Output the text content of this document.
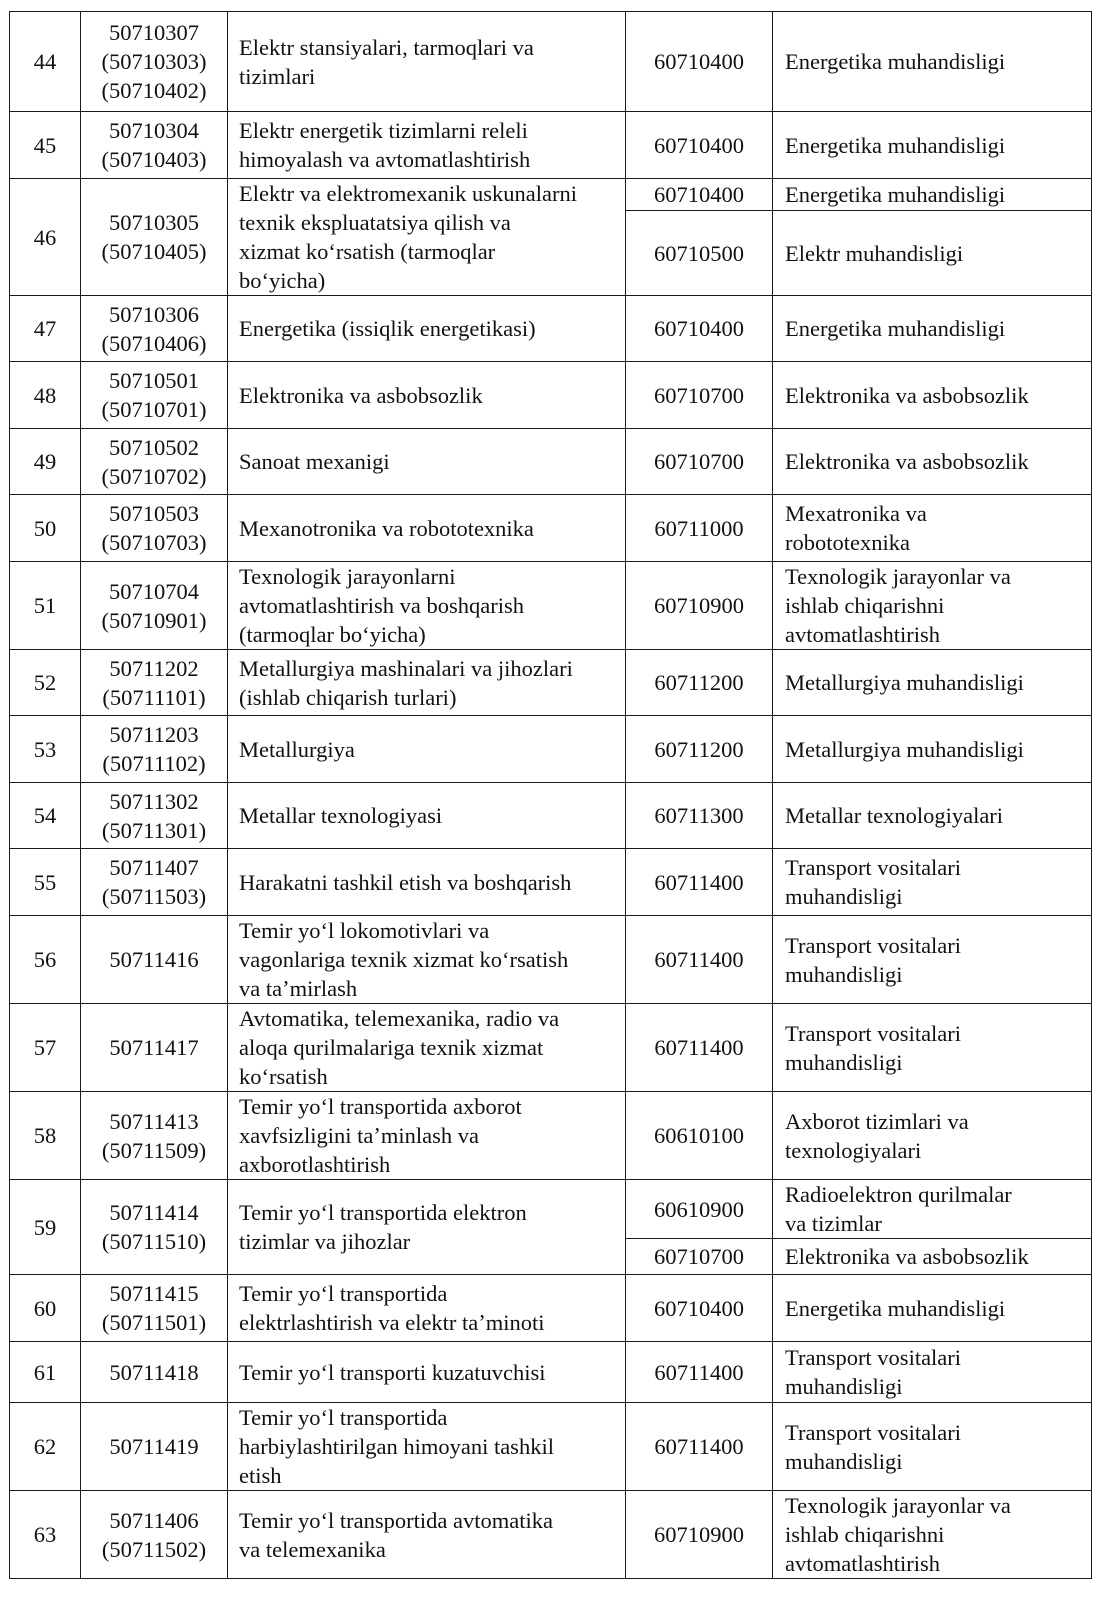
44	50710307
(50710303)
(50710402)	Elektr stansiyalari, tarmoqlari va
tizimlari	60710400	Energetika muhandisligi

45	50710304
(50710403)	Elektr energetik tizimlarni releli
himoyalash va avtomatlashtirish	60710400	Energetika muhandisligi

46	50710305
(50710405)	Elektr va elektromexanik uskunalarni
texnik ekspluatatsiya qilish va
xizmat koʻrsatish (tarmoqlar
boʻyicha)	60710400	Energetika muhandisligi

			60710500	Elektr muhandisligi

47	50710306
(50710406)	Energetika (issiqlik energetikasi)	60710400	Energetika muhandisligi

48	50710501
(50710701)	Elektronika va asbobsozlik	60710700	Elektronika va asbobsozlik

49	50710502
(50710702)	Sanoat mexanigi	60710700	Elektronika va asbobsozlik

50	50710503
(50710703)	Mexanotronika va robototexnika	60711000	Mexatronika va
robototexnika

51	50710704
(50710901)	Texnologik jarayonlarni
avtomatlashtirish va boshqarish
(tarmoqlar boʻyicha)	60710900	Texnologik jarayonlar va
ishlab chiqarishni
avtomatlashtirish

52	50711202
(50711101)	Metallurgiya mashinalari va jihozlari
(ishlab chiqarish turlari)	60711200	Metallurgiya muhandisligi

53	50711203
(50711102)	Metallurgiya	60711200	Metallurgiya muhandisligi

54	50711302
(50711301)	Metallar texnologiyasi	60711300	Metallar texnologiyalari

55	50711407
(50711503)	Harakatni tashkil etish va boshqarish	60711400	Transport vositalari
muhandisligi

56	50711416	Temir yoʻl lokomotivlari va
vagonlariga texnik xizmat koʻrsatish
va taʼmirlash	60711400	Transport vositalari
muhandisligi

57	50711417	Avtomatika, telemexanika, radio va
aloqa qurilmalariga texnik xizmat
koʻrsatish	60711400	Transport vositalari
muhandisligi

58	50711413
(50711509)	Temir yoʻl transportida axborot
xavfsizligini taʼminlash va
axborotlashtirish	60610100	Axborot tizimlari va
texnologiyalari

59	50711414
(50711510)	Temir yoʻl transportida elektron
tizimlar va jihozlar	60610900	Radioelektron qurilmalar
va tizimlar

			60710700	Elektronika va asbobsozlik

60	50711415
(50711501)	Temir yoʻl transportida
elektrlashtirish va elektr taʼminoti	60710400	Energetika muhandisligi

61	50711418	Temir yoʻl transporti kuzatuvchisi	60711400	Transport vositalari
muhandisligi

62	50711419	Temir yoʻl transportida
harbiylashtirilgan himoyani tashkil
etish	60711400	Transport vositalari
muhandisligi

63	50711406
(50711502)	Temir yoʻl transportida avtomatika
va telemexanika	60710900	Texnologik jarayonlar va
ishlab chiqarishni
avtomatlashtirish
